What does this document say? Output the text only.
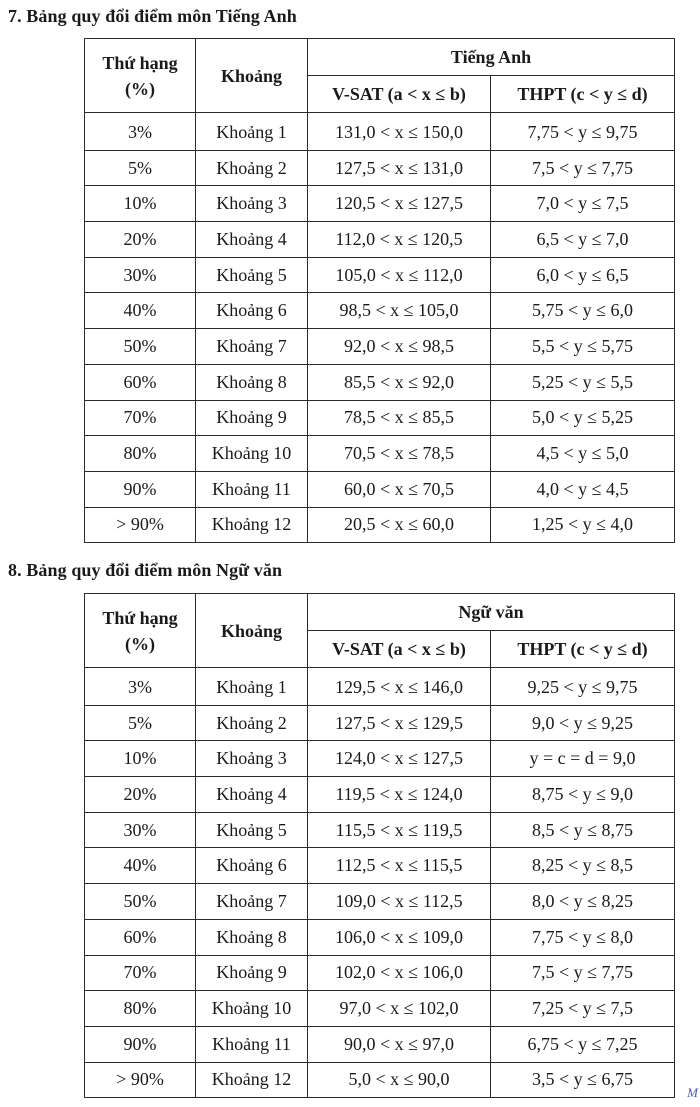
7. Bảng quy đổi điểm môn Tiếng Anh
Thứ hạng
(%)	Khoảng	Tiếng Anh	
		V-SAT (a < x ≤ b)	THPT (c < y ≤ d)
3%	Khoảng 1	131,0 < x ≤ 150,0	7,75 < y ≤ 9,75
5%	Khoảng 2	127,5 < x ≤ 131,0	7,5 < y ≤ 7,75
10%	Khoảng 3	120,5 < x ≤ 127,5	7,0 < y ≤ 7,5
20%	Khoảng 4	112,0 < x ≤ 120,5	6,5 < y ≤ 7,0
30%	Khoảng 5	105,0 < x ≤ 112,0	6,0 < y ≤ 6,5
40%	Khoảng 6	98,5 < x ≤ 105,0	5,75 < y ≤ 6,0
50%	Khoảng 7	92,0 < x ≤ 98,5	5,5 < y ≤ 5,75
60%	Khoảng 8	85,5 < x ≤ 92,0	5,25 < y ≤ 5,5
70%	Khoảng 9	78,5 < x ≤ 85,5	5,0 < y ≤ 5,25
80%	Khoảng 10	70,5 < x ≤ 78,5	4,5 < y ≤ 5,0
90%	Khoảng 11	60,0 < x ≤ 70,5	4,0 < y ≤ 4,5
> 90%	Khoảng 12	20,5 < x ≤ 60,0	1,25 < y ≤ 4,0
8. Bảng quy đổi điểm môn Ngữ văn
Thứ hạng
(%)	Khoảng	Ngữ văn	
		V-SAT (a < x ≤ b)	THPT (c < y ≤ d)
3%	Khoảng 1	129,5 < x ≤ 146,0	9,25 < y ≤ 9,75
5%	Khoảng 2	127,5 < x ≤ 129,5	9,0 < y ≤ 9,25
10%	Khoảng 3	124,0 < x ≤ 127,5	y = c = d = 9,0
20%	Khoảng 4	119,5 < x ≤ 124,0	8,75 < y ≤ 9,0
30%	Khoảng 5	115,5 < x ≤ 119,5	8,5 < y ≤ 8,75
40%	Khoảng 6	112,5 < x ≤ 115,5	8,25 < y ≤ 8,5
50%	Khoảng 7	109,0 < x ≤ 112,5	8,0 < y ≤ 8,25
60%	Khoảng 8	106,0 < x ≤ 109,0	7,75 < y ≤ 8,0
70%	Khoảng 9	102,0 < x ≤ 106,0	7,5 < y ≤ 7,75
80%	Khoảng 10	97,0 < x ≤ 102,0	7,25 < y ≤ 7,5
90%	Khoảng 11	90,0 < x ≤ 97,0	6,75 < y ≤ 7,25
> 90%	Khoảng 12	5,0 < x ≤ 90,0	3,5 < y ≤ 6,75
M
